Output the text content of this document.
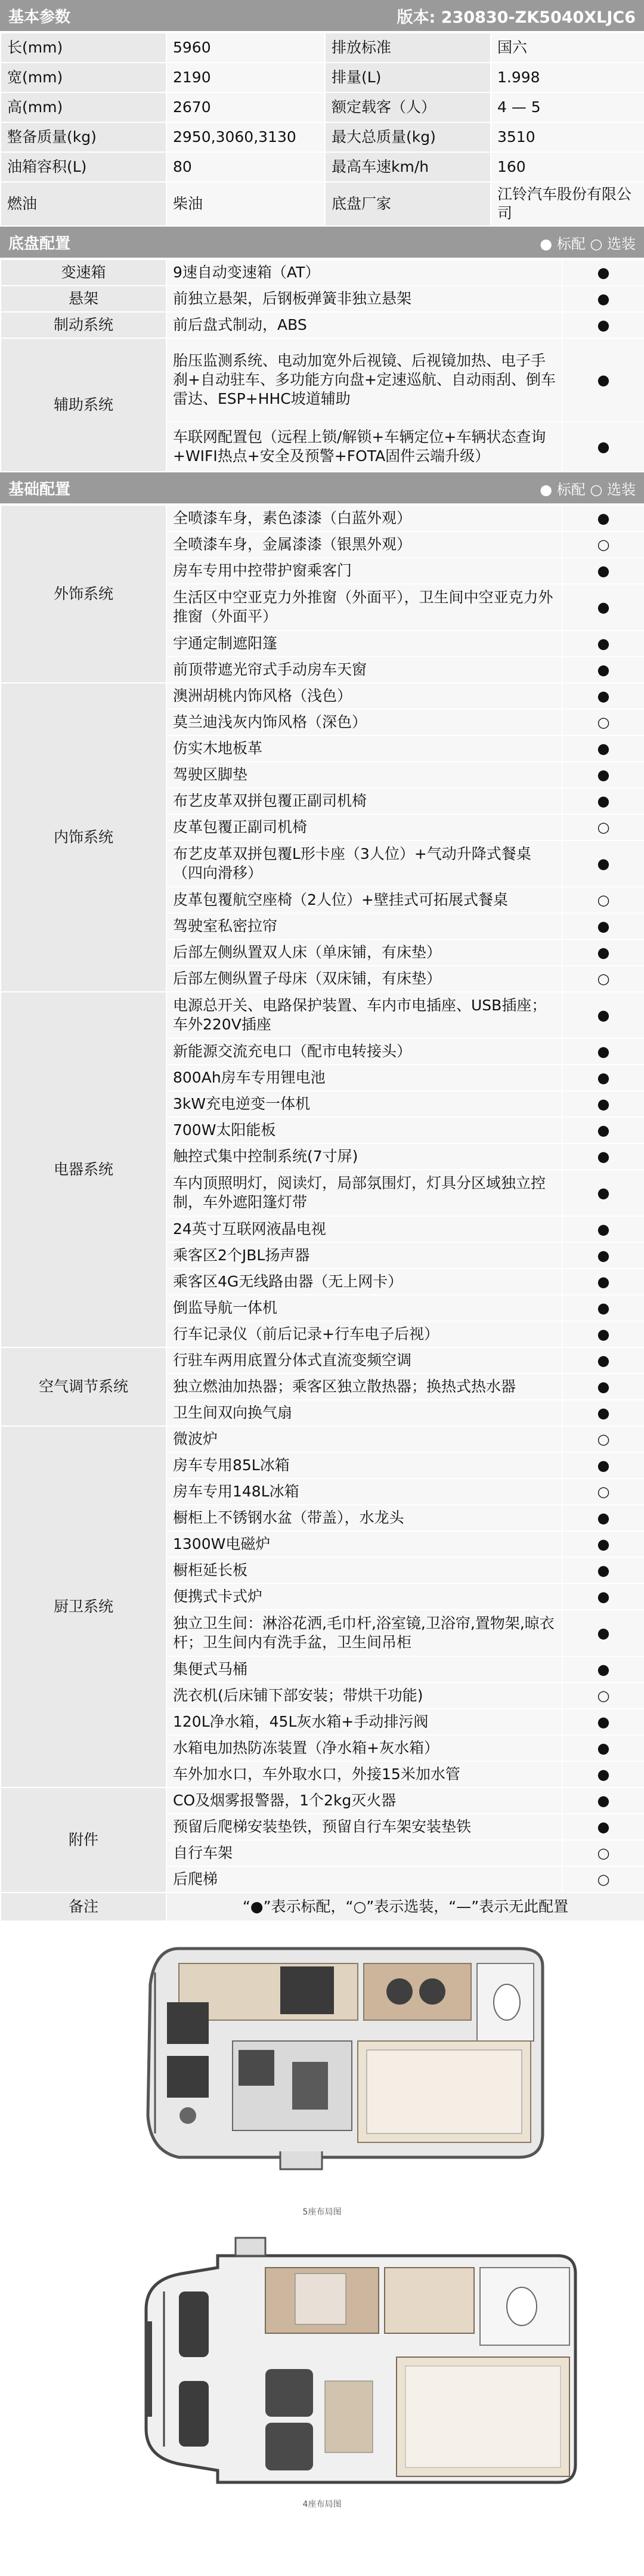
基本参数	版本: 230830-ZK5040XLJC6
长(mm)	5960	排放标准	国六
宽(mm)	2190	排量(L)	1.998
高(mm)	2670	额定载客（人）	4 — 5
整备质量(kg)	2950,3060,3130	最大总质量(kg)	3510
油箱容积(L)	80	最高车速km/h	160
燃油	柴油	底盘厂家	江铃汽车股份有限公司
底盘配置	● 标配 ○ 选装
变速箱	9速自动变速箱（AT）	●
悬架	前独立悬架，后钢板弹簧非独立悬架	●
制动系统	前后盘式制动，ABS	●
辅助系统	胎压监测系统、电动加宽外后视镜、后视镜加热、电子手刹+自动驻车、多功能方向盘+定速巡航、自动雨刮、倒车雷达、ESP+HHC坡道辅助	●
	车联网配置包（远程上锁/解锁+车辆定位+车辆状态查询+WIFI热点+安全及预警+FOTA固件云端升级）	●
基础配置	● 标配 ○ 选装
外饰系统	全喷漆车身，素色漆漆（白蓝外观）	●
	全喷漆车身，金属漆漆（银黑外观）	○
	房车专用中控带护窗乘客门	●
	生活区中空亚克力外推窗（外面平），卫生间中空亚克力外推窗（外面平）	●
	宇通定制遮阳篷	●
	前顶带遮光帘式手动房车天窗	●
内饰系统	澳洲胡桃内饰风格（浅色）	●
	莫兰迪浅灰内饰风格（深色）	○
	仿实木地板革	●
	驾驶区脚垫	●
	布艺皮革双拼包覆正副司机椅	●
	皮革包覆正副司机椅	○
	布艺皮革双拼包覆L形卡座（3人位）+气动升降式餐桌（四向滑移）	●
	皮革包覆航空座椅（2人位）+壁挂式可拓展式餐桌	○
	驾驶室私密拉帘	●
	后部左侧纵置双人床（单床铺，有床垫）	●
	后部左侧纵置子母床（双床铺，有床垫）	○
电器系统	电源总开关、电路保护装置、车内市电插座、USB插座；车外220V插座	●
	新能源交流充电口（配市电转接头）	●
	800Ah房车专用锂电池	●
	3kW充电逆变一体机	●
	700W太阳能板	●
	触控式集中控制系统(7寸屏)	●
	车内顶照明灯，阅读灯，局部氛围灯，灯具分区域独立控制，车外遮阳篷灯带	●
	24英寸互联网液晶电视	●
	乘客区2个JBL扬声器	●
	乘客区4G无线路由器（无上网卡）	●
	倒监导航一体机	●
	行车记录仪（前后记录+行车电子后视）	●
空气调节系统	行驻车两用底置分体式直流变频空调	●
	独立燃油加热器；乘客区独立散热器；换热式热水器	●
	卫生间双向换气扇	●
厨卫系统	微波炉	○
	房车专用85L冰箱	●
	房车专用148L冰箱	○
	橱柜上不锈钢水盆（带盖），水龙头	●
	1300W电磁炉	●
	橱柜延长板	●
	便携式卡式炉	●
	独立卫生间：淋浴花洒,毛巾杆,浴室镜,卫浴帘,置物架,晾衣杆；卫生间内有洗手盆，卫生间吊柜	●
	集便式马桶	●
	洗衣机(后床铺下部安装；带烘干功能)	○
	120L净水箱，45L灰水箱+手动排污阀	●
	水箱电加热防冻装置（净水箱+灰水箱）	●
	车外加水口，车外取水口，外接15米加水管	●
附件	CO及烟雾报警器，1个2kg灭火器	●
	预留后爬梯安装垫铁，预留自行车架安装垫铁	●
	自行车架	○
	后爬梯	○
备注	“●”表示标配，“○”表示选装，“—”表示无此配置	
5座布局图
4座布局图
